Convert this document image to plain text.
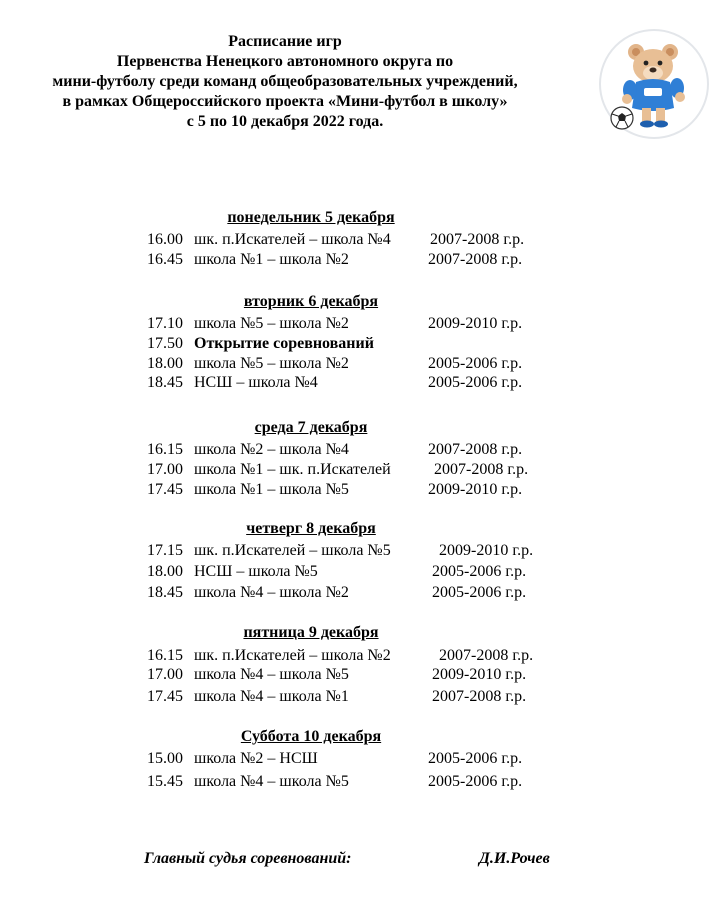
Расписание игр
Первенства Ненецкого автономного округа по
мини-футболу среди команд общеобразовательных учреждений,
в рамках Общероссийского проекта «Мини-футбол в школу»
с 5 по 10 декабря 2022 года.
понедельник 5 декабря
16.00 шк. п.Искателей – школа №4 2007-2008 г.р.
16.45 школа №1 – школа №2	2007-2008 г.р.
вторник 6 декабря
17.10 школа №5 – школа №2	2009-2010 г.р.
17.50 Открытие соревнований
18.00 школа №5 – школа №2	2005-2006 г.р.
18.45 НСШ – школа №4	2005-2006 г.р.
среда 7 декабря
16.15 школа №2 – школа №4	2007-2008 г.р.
17.00 школа №1 – шк. п.Искателей	2007-2008 г.р.
17.45 школа №1 – школа №5	2009-2010 г.р.
четверг 8 декабря
17.15 шк. п.Искателей – школа №5	2009-2010 г.р.
18.00 НСШ – школа №5	2005-2006 г.р.
18.45 школа №4 – школа №2	2005-2006 г.р.
пятница 9 декабря
16.15 шк. п.Искателей – школа №2	2007-2008 г.р.
17.00 школа №4 – школа №5	2009-2010 г.р.
17.45 школа №4 – школа №1	2007-2008 г.р.
Суббота 10 декабря
15.00 школа №2 – НСШ	2005-2006 г.р.
15.45 школа №4 – школа №5	2005-2006 г.р.
Главный судья соревнований:	Д.И.Рочев
